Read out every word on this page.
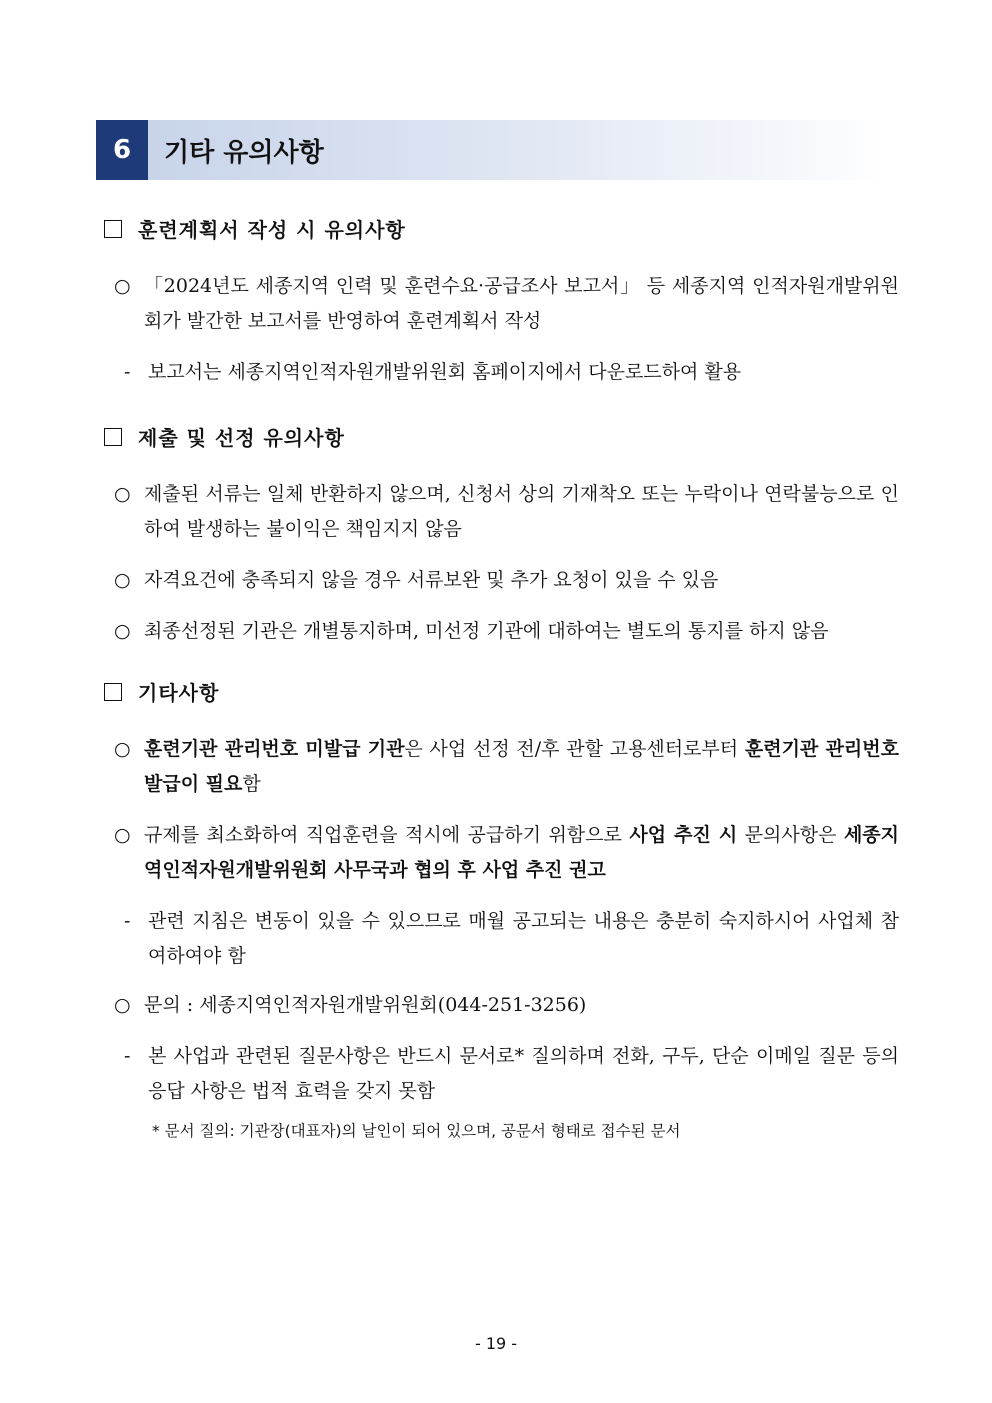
6	기타 유의사항
훈련계획서 작성 시 유의사항
○ 「2024년도 세종지역 인력 및 훈련수요·공급조사 보고서」 등 세종지역 인적자원개발위원회가 발간한 보고서를 반영하여 훈련계획서 작성
- 보고서는 세종지역인적자원개발위원회 홈페이지에서 다운로드하여 활용
제출 및 선정 유의사항
○ 제출된 서류는 일체 반환하지 않으며, 신청서 상의 기재착오 또는 누락이나 연락불능으로 인하여 발생하는 불이익은 책임지지 않음
○ 자격요건에 충족되지 않을 경우 서류보완 및 추가 요청이 있을 수 있음
○ 최종선정된 기관은 개별통지하며, 미선정 기관에 대하여는 별도의 통지를 하지 않음
기타사항
○ 훈련기관 관리번호 미발급 기관은 사업 선정 전/후 관할 고용센터로부터 훈련기관 관리번호 발급이 필요함
○ 규제를 최소화하여 직업훈련을 적시에 공급하기 위함으로 사업 추진 시 문의사항은 세종지역인적자원개발위원회 사무국과 협의 후 사업 추진 권고
- 관련 지침은 변동이 있을 수 있으므로 매월 공고되는 내용은 충분히 숙지하시어 사업체 참여하여야 함
○ 문의 : 세종지역인적자원개발위원회(044-251-3256)
- 본 사업과 관련된 질문사항은 반드시 문서로* 질의하며 전화, 구두, 단순 이메일 질문 등의 응답 사항은 법적 효력을 갖지 못함
* 문서 질의: 기관장(대표자)의 날인이 되어 있으며, 공문서 형태로 접수된 문서
- 19 -
